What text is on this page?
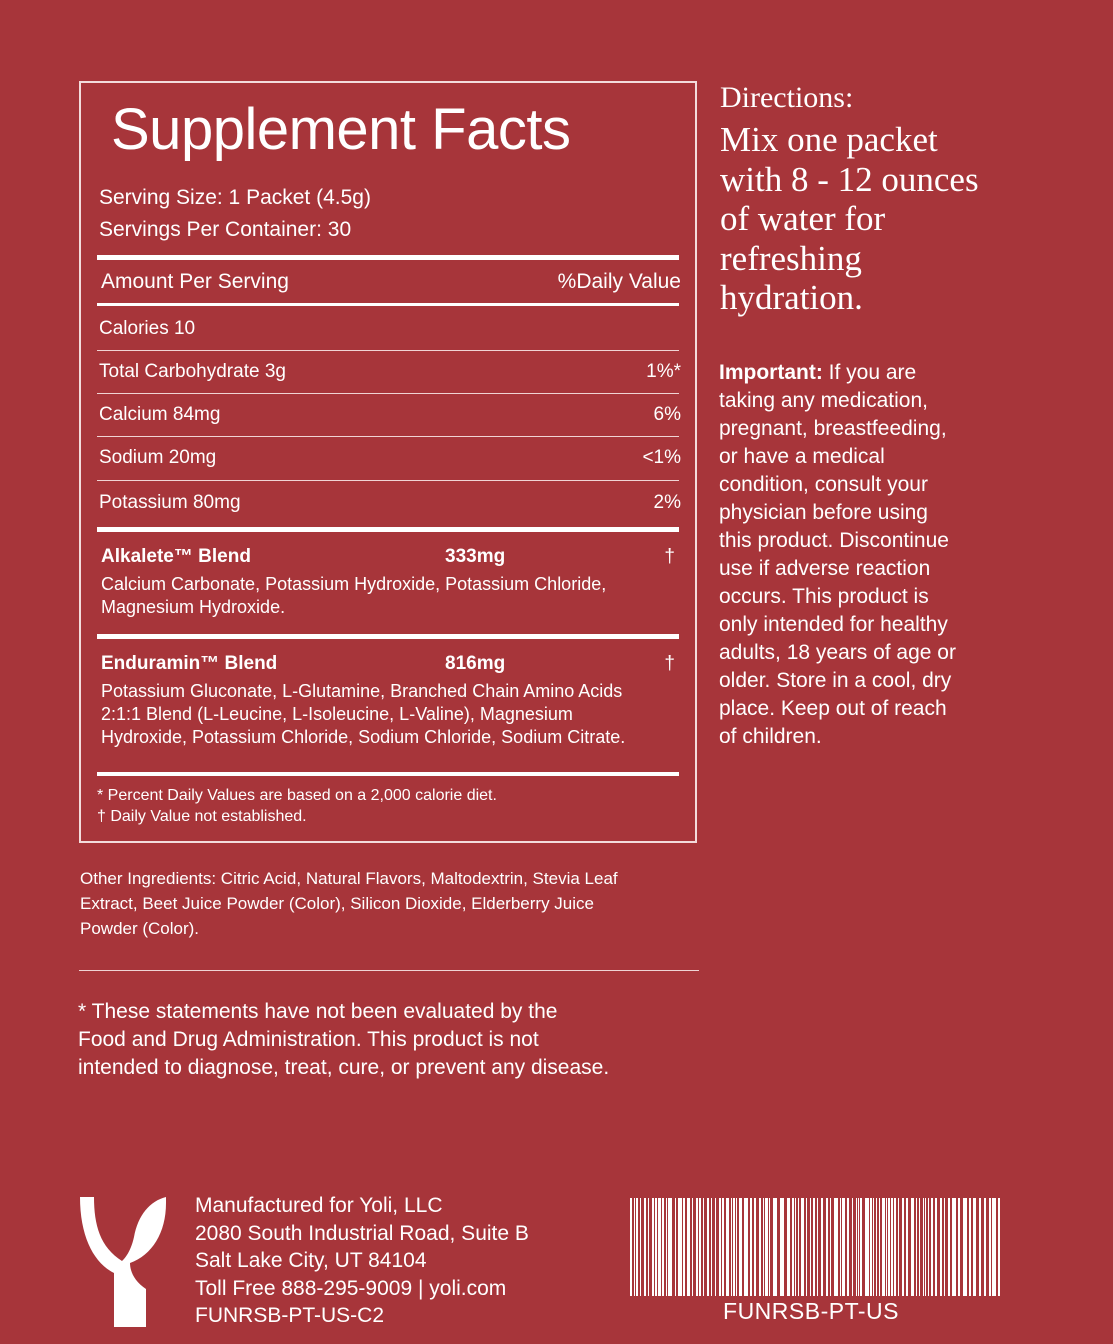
Supplement Facts
Serving Size: 1 Packet (4.5g)
Servings Per Container: 30
Amount Per Serving	%Daily Value
Calories 10
Total Carbohydrate 3g	1%*
Calcium 84mg	6%
Sodium 20mg	<1%
Potassium 80mg	2%
Alkalete™ Blend	333mg	†
Calcium Carbonate, Potassium Hydroxide, Potassium Chloride,
Magnesium Hydroxide.
Enduramin™ Blend	816mg	†
Potassium Gluconate, L-Glutamine, Branched Chain Amino Acids
2:1:1 Blend (L-Leucine, L-Isoleucine, L-Valine), Magnesium
Hydroxide, Potassium Chloride, Sodium Chloride, Sodium Citrate.
* Percent Daily Values are based on a 2,000 calorie diet.
† Daily Value not established.
Other Ingredients: Citric Acid, Natural Flavors, Maltodextrin, Stevia Leaf
Extract, Beet Juice Powder (Color), Silicon Dioxide, Elderberry Juice
Powder (Color).
* These statements have not been evaluated by the
Food and Drug Administration. This product is not
intended to diagnose, treat, cure, or prevent any disease.
Directions:
Mix one packet
with 8 - 12 ounces
of water for
refreshing
hydration.
Important: If you are
taking any medication,
pregnant, breastfeeding,
or have a medical
condition, consult your
physician before using
this product. Discontinue
use if adverse reaction
occurs. This product is
only intended for healthy
adults, 18 years of age or
older. Store in a cool, dry
place. Keep out of reach
of children.
Manufactured for Yoli, LLC
2080 South Industrial Road, Suite B
Salt Lake City, UT 84104
Toll Free 888-295-9009 | yoli.com
FUNRSB-PT-US-C2	FUNRSB-PT-US
